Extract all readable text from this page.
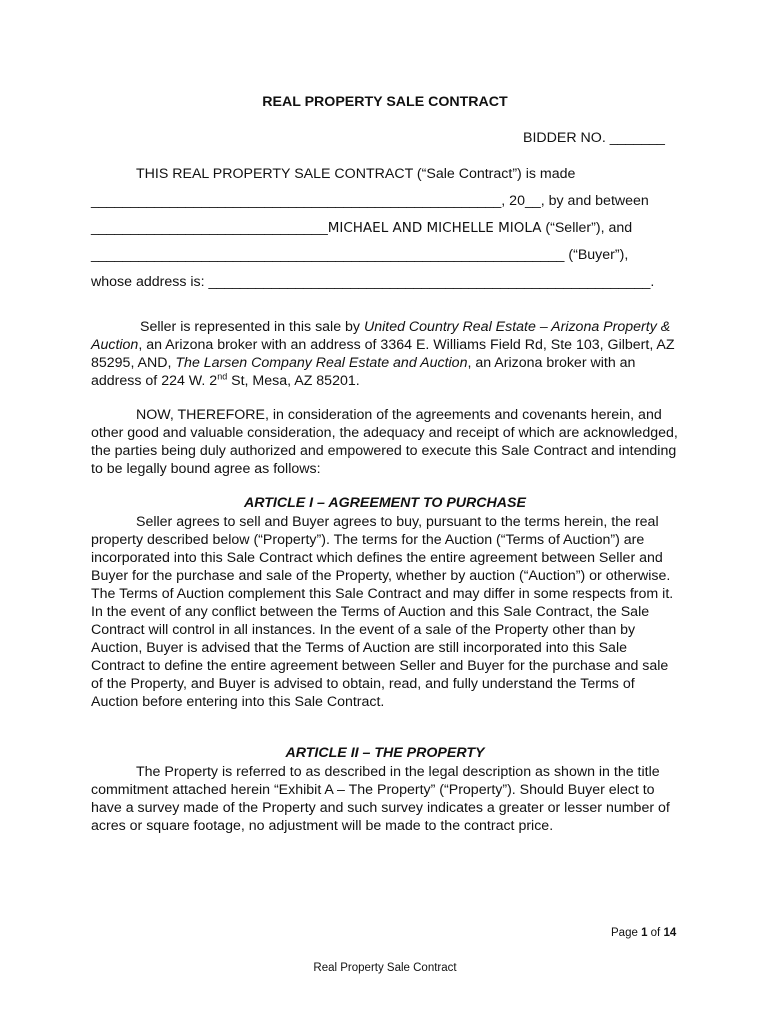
REAL PROPERTY SALE CONTRACT
BIDDER NO. _______
THIS REAL PROPERTY SALE CONTRACT (“Sale Contract”) is made
____________________________________________________, 20__, by and between
______________________________MICHAEL AND MICHELLE MIOLA (“Seller”), and
____________________________________________________________ (“Buyer”),
whose address is: ________________________________________________________.
Seller is represented in this sale by United Country Real Estate – Arizona Property & Auction, an Arizona broker with an address of 3364 E. Williams Field Rd, Ste 103, Gilbert, AZ 85295, AND, The Larsen Company Real Estate and Auction, an Arizona broker with an address of 224 W. 2nd St, Mesa, AZ 85201.
NOW, THEREFORE, in consideration of the agreements and covenants herein, and other good and valuable consideration, the adequacy and receipt of which are acknowledged, the parties being duly authorized and empowered to execute this Sale Contract and intending to be legally bound agree as follows:
ARTICLE I – AGREEMENT TO PURCHASE
Seller agrees to sell and Buyer agrees to buy, pursuant to the terms herein, the real property described below (“Property”). The terms for the Auction (“Terms of Auction”) are incorporated into this Sale Contract which defines the entire agreement between Seller and Buyer for the purchase and sale of the Property, whether by auction (“Auction”) or otherwise. The Terms of Auction complement this Sale Contract and may differ in some respects from it. In the event of any conflict between the Terms of Auction and this Sale Contract, the Sale Contract will control in all instances. In the event of a sale of the Property other than by Auction, Buyer is advised that the Terms of Auction are still incorporated into this Sale Contract to define the entire agreement between Seller and Buyer for the purchase and sale of the Property, and Buyer is advised to obtain, read, and fully understand the Terms of Auction before entering into this Sale Contract.
ARTICLE II – THE PROPERTY
The Property is referred to as described in the legal description as shown in the title commitment attached herein “Exhibit A – The Property” (“Property”). Should Buyer elect to have a survey made of the Property and such survey indicates a greater or lesser number of acres or square footage, no adjustment will be made to the contract price.
Page 1 of 14
Real Property Sale Contract
